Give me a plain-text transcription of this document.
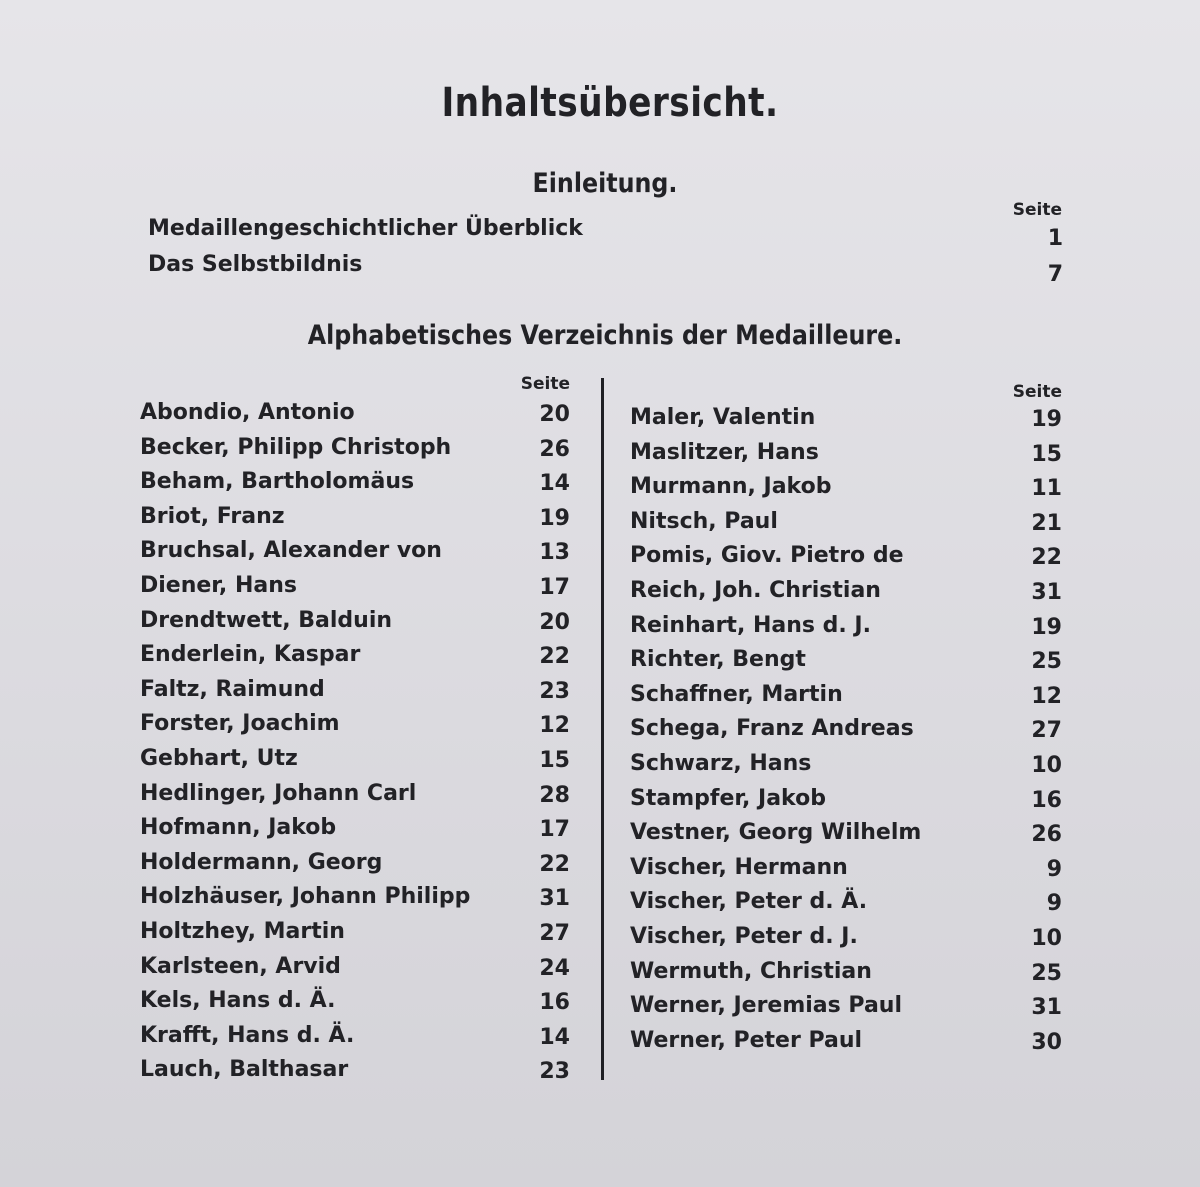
Inhaltsübersicht.
Einleitung.
Seite
Medaillengeschichtlicher Überblick	1
Das Selbstbildnis	7
Alphabetisches Verzeichnis der Medailleure.
Seite
Abondio, Antonio	20
Becker, Philipp Christoph	26
Beham, Bartholomäus	14
Briot, Franz	19
Bruchsal, Alexander von	13
Diener, Hans	17
Drendtwett, Balduin	20
Enderlein, Kaspar	22
Faltz, Raimund	23
Forster, Joachim	12
Gebhart, Utz	15
Hedlinger, Johann Carl	28
Hofmann, Jakob	17
Holdermann, Georg	22
Holzhäuser, Johann Philipp	31
Holtzhey, Martin	27
Karlsteen, Arvid	24
Kels, Hans d. Ä.	16
Krafft, Hans d. Ä.	14
Lauch, Balthasar	23
Seite
Maler, Valentin	19
Maslitzer, Hans	15
Murmann, Jakob	11
Nitsch, Paul	21
Pomis, Giov. Pietro de	22
Reich, Joh. Christian	31
Reinhart, Hans d. J.	19
Richter, Bengt	25
Schaffner, Martin	12
Schega, Franz Andreas	27
Schwarz, Hans	10
Stampfer, Jakob	16
Vestner, Georg Wilhelm	26
Vischer, Hermann	9
Vischer, Peter d. Ä.	9
Vischer, Peter d. J.	10
Wermuth, Christian	25
Werner, Jeremias Paul	31
Werner, Peter Paul	30
